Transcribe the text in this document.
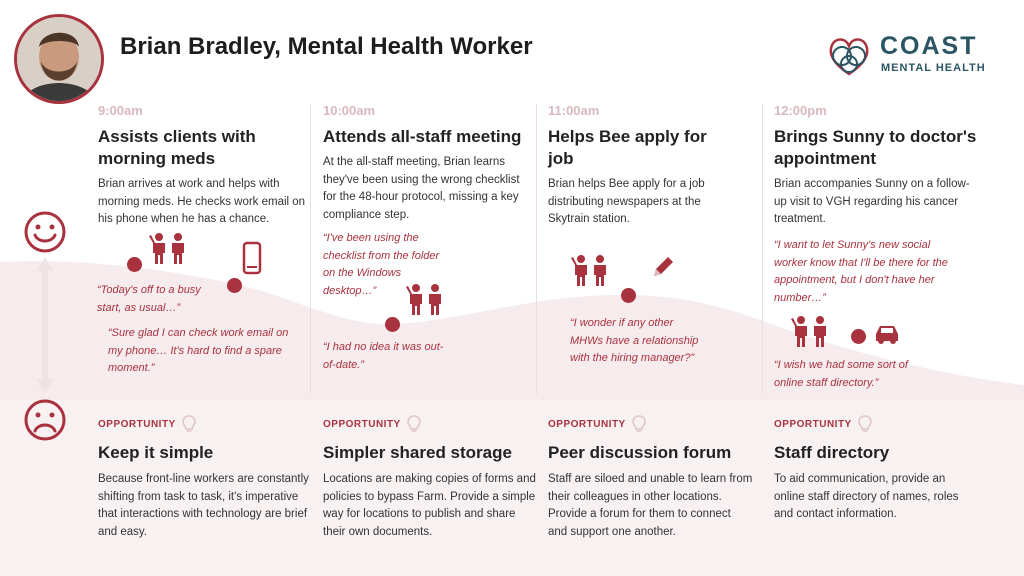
Brian Bradley, Mental Health Worker	COAST
MENTAL HEALTH

9:00am

Assists clients with morning meds

Brian arrives at work and helps with morning meds. He checks work email on his phone when he has a chance.

10:00am

Attends all-staff meeting

At the all-staff meeting, Brian learns they've been using the wrong checklist for the 48-hour protocol, missing a key compliance step.

11:00am

Helps Bee apply for job

Brian helps Bee apply for a job distributing newspapers at the Skytrain station.

12:00pm

Brings Sunny to doctor's appointment

Brian accompanies Sunny on a follow-up visit to VGH regarding his cancer treatment.

“Today's off to a busy start, as usual…”

“Sure glad I can check work email on my phone… It's hard to find a spare moment.”

“I've been using the checklist from the folder on the Windows desktop…”

“I had no idea it was out-of-date.”

“I wonder if any other MHWs have a relationship with the hiring manager?”

“I want to let Sunny's new social worker know that I'll be there for the appointment, but I don't have her number…”

“I wish we had some sort of online staff directory.”

OPPORTUNITY

Keep it simple

Because front-line workers are constantly shifting from task to task, it's imperative that interactions with technology are brief and easy.

OPPORTUNITY

Simpler shared storage

Locations are making copies of forms and policies to bypass Farm. Provide a simple way for locations to publish and share their own documents.

OPPORTUNITY

Peer discussion forum

Staff are siloed and unable to learn from their colleagues in other locations. Provide a forum for them to connect and support one another.

OPPORTUNITY

Staff directory

To aid communication, provide an online staff directory of names, roles and contact information.
